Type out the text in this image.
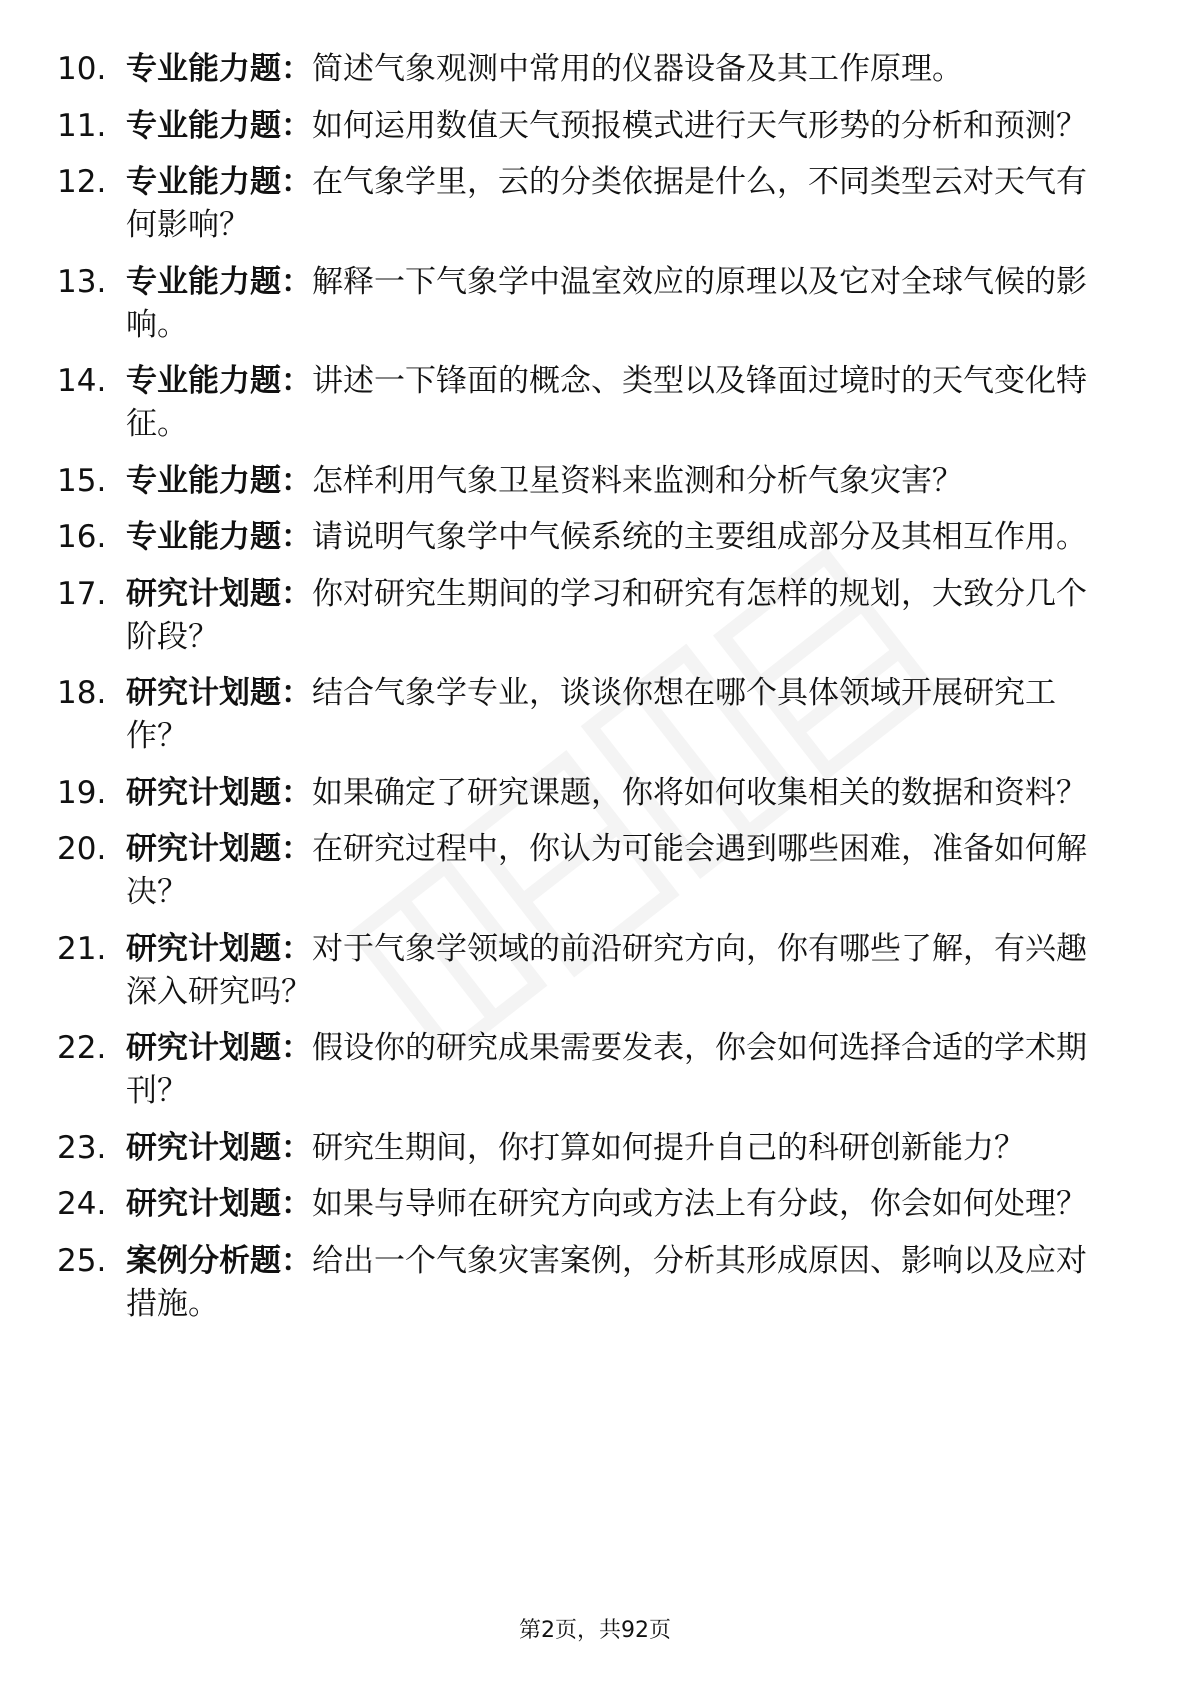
10. 专业能力题：简述气象观测中常用的仪器设备及其工作原理。
11. 专业能力题：如何运用数值天气预报模式进行天气形势的分析和预测？
12. 专业能力题：在气象学里，云的分类依据是什么，不同类型云对天气有何影响？
13. 专业能力题：解释一下气象学中温室效应的原理以及它对全球气候的影响。
14. 专业能力题：讲述一下锋面的概念、类型以及锋面过境时的天气变化特征。
15. 专业能力题：怎样利用气象卫星资料来监测和分析气象灾害？
16. 专业能力题：请说明气象学中气候系统的主要组成部分及其相互作用。
17. 研究计划题：你对研究生期间的学习和研究有怎样的规划，大致分几个阶段？
18. 研究计划题：结合气象学专业，谈谈你想在哪个具体领域开展研究工作？
19. 研究计划题：如果确定了研究课题，你将如何收集相关的数据和资料？
20. 研究计划题：在研究过程中，你认为可能会遇到哪些困难，准备如何解决？
21. 研究计划题：对于气象学领域的前沿研究方向，你有哪些了解，有兴趣深入研究吗？
22. 研究计划题：假设你的研究成果需要发表，你会如何选择合适的学术期刊？
23. 研究计划题：研究生期间，你打算如何提升自己的科研创新能力？
24. 研究计划题：如果与导师在研究方向或方法上有分歧，你会如何处理？
25. 案例分析题：给出一个气象灾害案例，分析其形成原因、影响以及应对措施。
第2页，共92页
